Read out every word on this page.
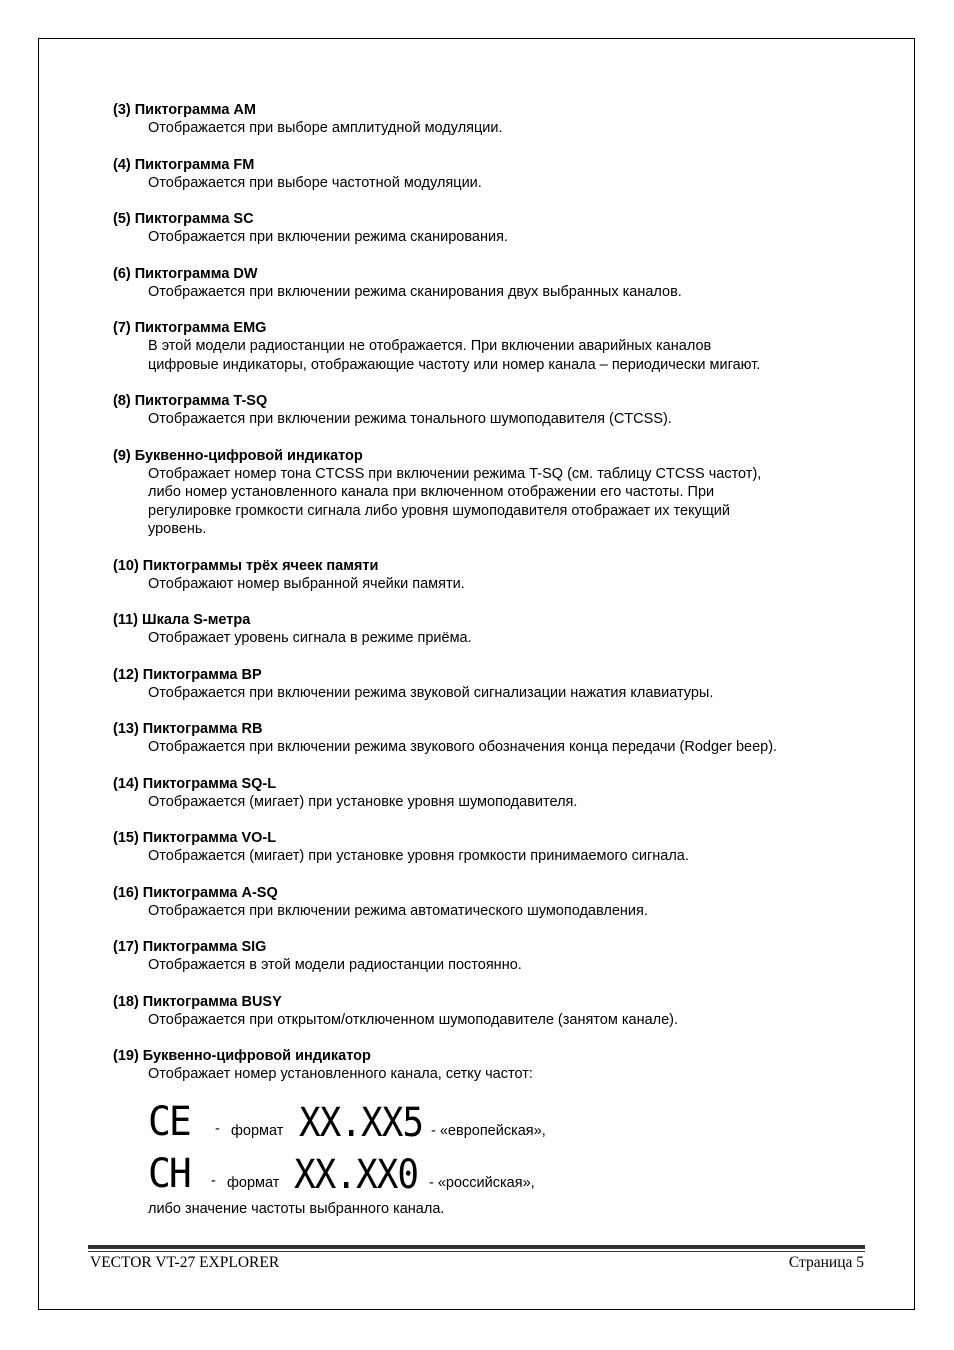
(3) Пиктограмма AM
Отображается при выборе амплитудной модуляции.
(4) Пиктограмма FM
Отображается при выборе частотной модуляции.
(5) Пиктограмма SC
Отображается при включении режима сканирования.
(6) Пиктограмма DW
Отображается при включении режима сканирования двух выбранных каналов.
(7) Пиктограмма EMG
В этой модели радиостанции не отображается. При включении аварийных каналов
цифровые индикаторы, отображающие частоту или номер канала – периодически мигают.
(8) Пиктограмма T-SQ
Отображается при включении режима тонального шумоподавителя (CTCSS).
(9) Буквенно-цифровой индикатор
Отображает номер тона CTCSS при включении режима T-SQ (см. таблицу CTCSS частот),
либо номер установленного канала при включенном отображении его частоты. При
регулировке громкости сигнала либо уровня шумоподавителя отображает их текущий
уровень.
(10) Пиктограммы трёх ячеек памяти
Отображают номер выбранной ячейки памяти.
(11) Шкала S-метра
Отображает уровень сигнала в режиме приёма.
(12) Пиктограмма BP
Отображается при включении режима звуковой сигнализации нажатия клавиатуры.
(13) Пиктограмма RB
Отображается при включении режима звукового обозначения конца передачи (Rodger beep).
(14) Пиктограмма SQ-L
Отображается (мигает) при установке уровня шумоподавителя.
(15) Пиктограмма VO-L
Отображается (мигает) при установке уровня громкости принимаемого сигнала.
(16) Пиктограмма A-SQ
Отображается при включении режима автоматического шумоподавления.
(17) Пиктограмма SIG
Отображается в этой модели радиостанции постоянно.
(18) Пиктограмма BUSY
Отображается при открытом/отключенном шумоподавителе (занятом канале).
(19) Буквенно-цифровой индикатор
Отображает номер установленного канала, сетку частот:
CE - формат XX.XX5 - «европейская»,
CH - формат XX.XX0 - «российская»,
либо значение частоты выбранного канала.
VECTOR VT-27 EXPLORER	Страница 5
